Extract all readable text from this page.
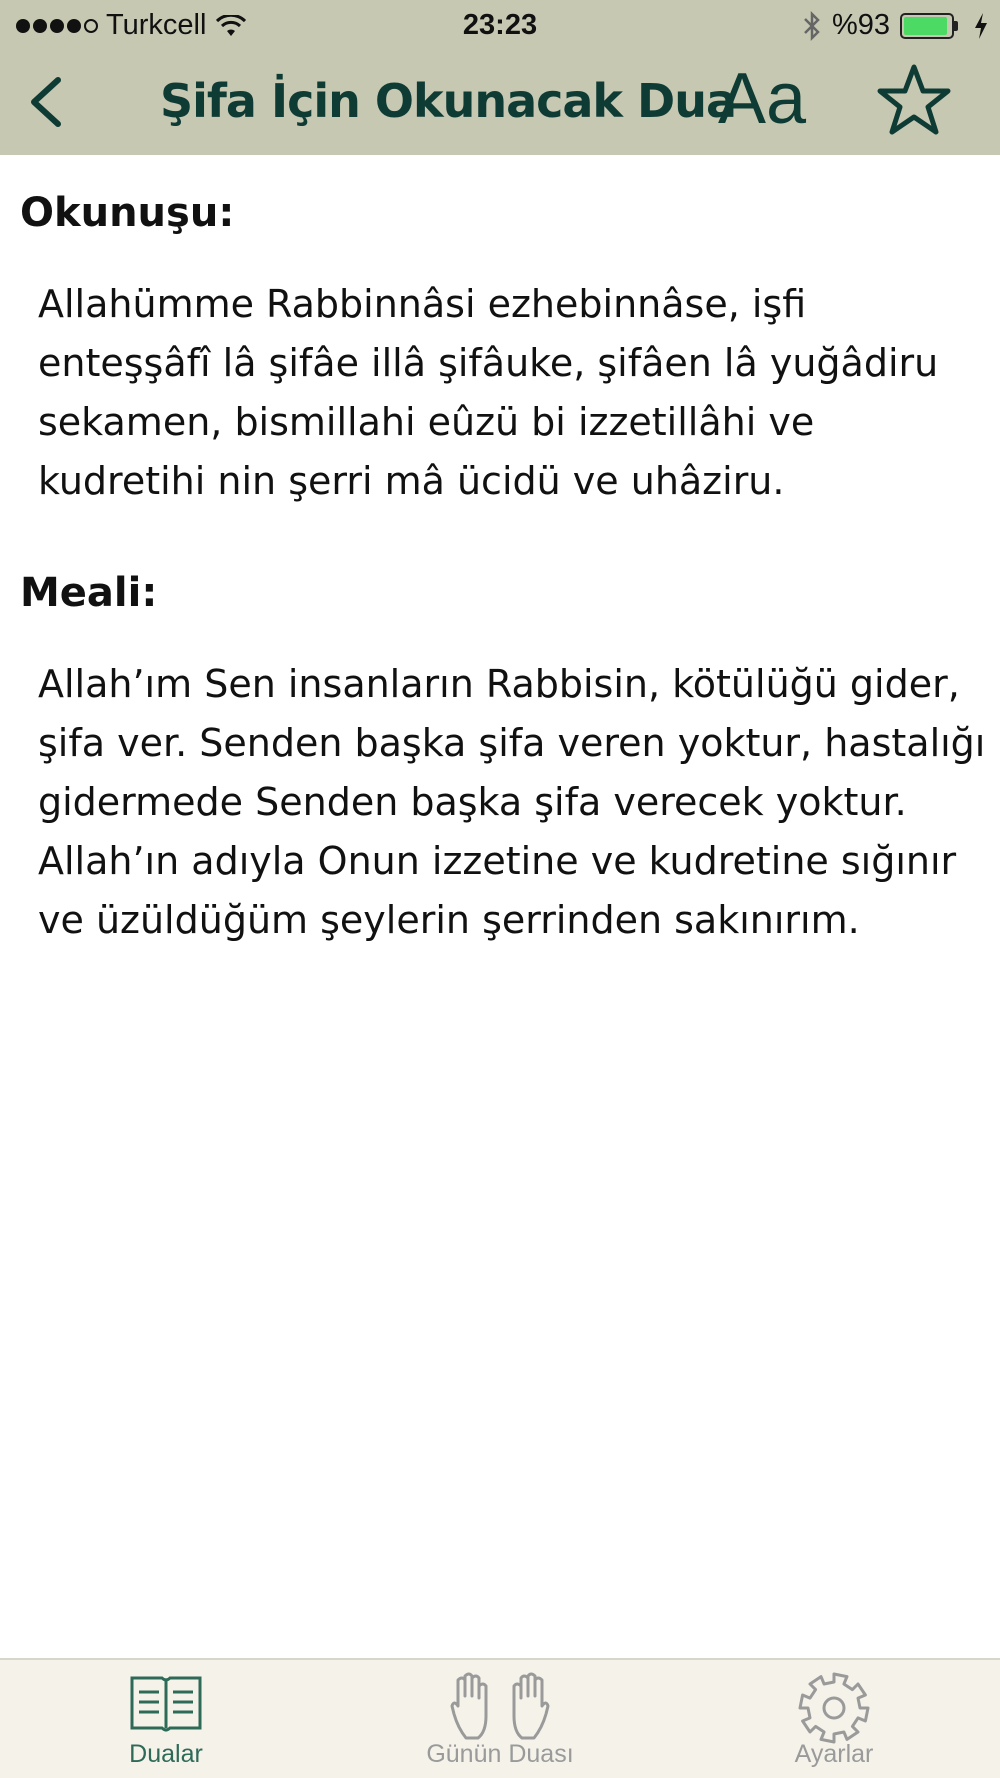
Turkcell	23:23	%93
Şifa İçin Okunacak Dua
Aa
Okunuşu:
Allahümme Rabbinnâsi ezhebinnâse, işfi
enteşşâfî lâ şifâe illâ şifâuke, şifâen lâ yuğâdiru
sekamen, bismillahi eûzü bi izzetillâhi ve
kudretihi nin şerri mâ ücidü ve uhâziru.
Meali:
Allah’ım Sen insanların Rabbisin, kötülüğü gider,
şifa ver. Senden başka şifa veren yoktur, hastalığı
gidermede Senden başka şifa verecek yoktur.
Allah’ın adıyla Onun izzetine ve kudretine sığınır
ve üzüldüğüm şeylerin şerrinden sakınırım.
Dualar	Günün Duası	Ayarlar
